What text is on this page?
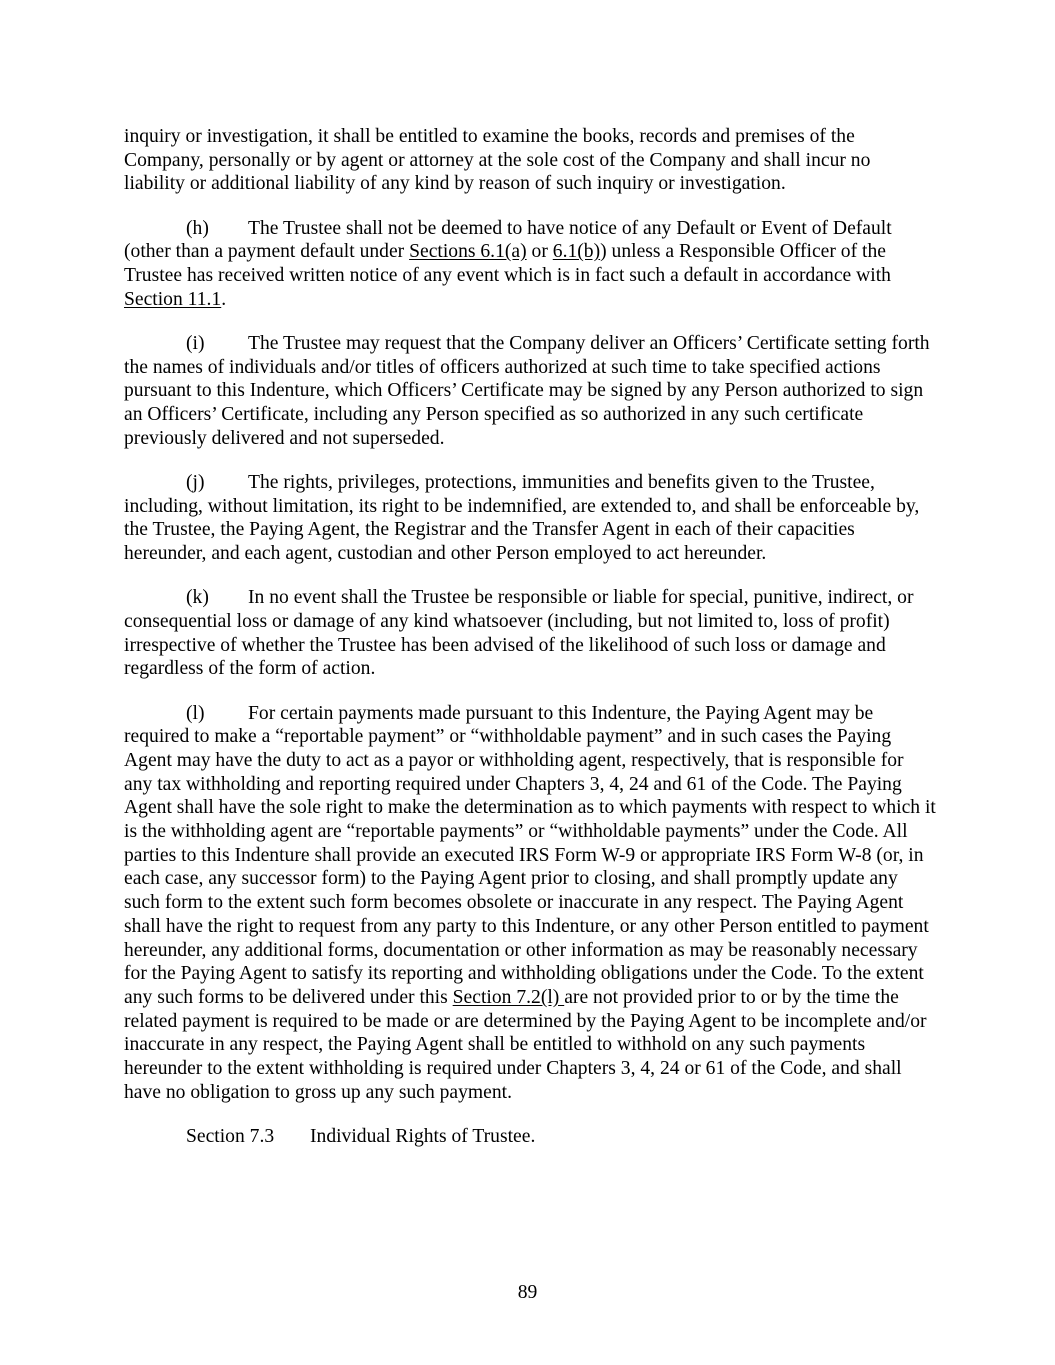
inquiry or investigation, it shall be entitled to examine the books, records and premises of the Company, personally or by agent or attorney at the sole cost of the Company and shall incur no liability or additional liability of any kind by reason of such inquiry or investigation.

(h) The Trustee shall not be deemed to have notice of any Default or Event of Default (other than a payment default under Sections 6.1(a) or 6.1(b)) unless a Responsible Officer of the Trustee has received written notice of any event which is in fact such a default in accordance with Section 11.1.

(i) The Trustee may request that the Company deliver an Officers’ Certificate setting forth the names of individuals and/or titles of officers authorized at such time to take specified actions pursuant to this Indenture, which Officers’ Certificate may be signed by any Person authorized to sign an Officers’ Certificate, including any Person specified as so authorized in any such certificate previously delivered and not superseded.

(j) The rights, privileges, protections, immunities and benefits given to the Trustee, including, without limitation, its right to be indemnified, are extended to, and shall be enforceable by, the Trustee, the Paying Agent, the Registrar and the Transfer Agent in each of their capacities hereunder, and each agent, custodian and other Person employed to act hereunder.

(k) In no event shall the Trustee be responsible or liable for special, punitive, indirect, or consequential loss or damage of any kind whatsoever (including, but not limited to, loss of profit) irrespective of whether the Trustee has been advised of the likelihood of such loss or damage and regardless of the form of action.

(l) For certain payments made pursuant to this Indenture, the Paying Agent may be required to make a “reportable payment” or “withholdable payment” and in such cases the Paying Agent may have the duty to act as a payor or withholding agent, respectively, that is responsible for any tax withholding and reporting required under Chapters 3, 4, 24 and 61 of the Code. The Paying Agent shall have the sole right to make the determination as to which payments with respect to which it is the withholding agent are “reportable payments” or “withholdable payments” under the Code. All parties to this Indenture shall provide an executed IRS Form W-9 or appropriate IRS Form W-8 (or, in each case, any successor form) to the Paying Agent prior to closing, and shall promptly update any such form to the extent such form becomes obsolete or inaccurate in any respect. The Paying Agent shall have the right to request from any party to this Indenture, or any other Person entitled to payment hereunder, any additional forms, documentation or other information as may be reasonably necessary for the Paying Agent to satisfy its reporting and withholding obligations under the Code. To the extent any such forms to be delivered under this Section 7.2(l) are not provided prior to or by the time the related payment is required to be made or are determined by the Paying Agent to be incomplete and/or inaccurate in any respect, the Paying Agent shall be entitled to withhold on any such payments hereunder to the extent withholding is required under Chapters 3, 4, 24 or 61 of the Code, and shall have no obligation to gross up any such payment.

Section 7.3 Individual Rights of Trustee.

89
